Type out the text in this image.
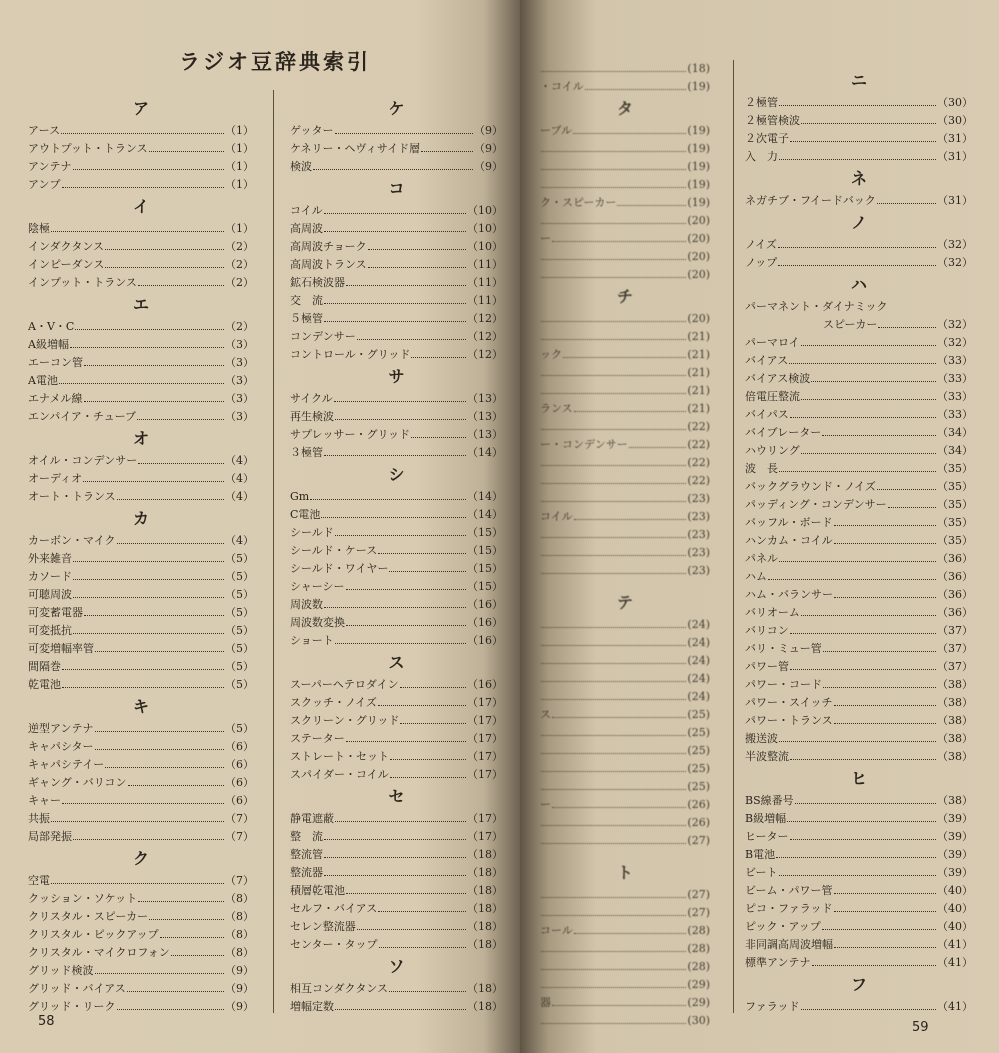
ラジオ豆辞典索引
ア
アース	（1）
アウトプット・トランス	（1）
アンテナ	（1）
アンプ	（1）
イ
陰極	（1）
インダクタンス	（2）
インピーダンス	（2）
インプット・トランス	（2）
エ
A・V・C	（2）
A級増幅	（3）
エーコン管	（3）
A電池	（3）
エナメル線	（3）
エンパイア・チューブ	（3）
オ
オイル・コンデンサー	（4）
オーディオ	（4）
オート・トランス	（4）
カ
カーボン・マイク	（4）
外来雑音	（5）
カソード	（5）
可聴周波	（5）
可変蓄電器	（5）
可変抵抗	（5）
可変増幅率管	（5）
間隔巻	（5）
乾電池	（5）
キ
逆型アンテナ	（5）
キャパシター	（6）
キャパシテイー	（6）
ギャング・バリコン	（6）
キャー	（6）
共振	（7）
局部発振	（7）
ク
空電	（7）
クッション・ソケット	（8）
クリスタル・スピーカー	（8）
クリスタル・ピックアップ	（8）
クリスタル・マイクロフォン	（8）
グリッド検波	（9）
グリッド・バイアス	（9）
グリッド・リーク	（9）
ケ
ゲッター	（9）
ケネリー・ヘヴィサイド層	（9）
検波	（9）
コ
コイル	（10）
高周波	（10）
高周波チョーク	（10）
高周波トランス	（11）
鉱石検波器	（11）
交　流	（11）
５極管	（12）
コンデンサー	（12）
コントロール・グリッド	（12）
サ
サイクル	（13）
再生検波	（13）
サプレッサー・グリッド	（13）
３極管	（14）
シ
Gm	（14）
C電池	（14）
シールド	（15）
シールド・ケース	（15）
シールド・ワイヤー	（15）
シャーシー	（15）
周波数	（16）
周波数変換	（16）
ショート	（16）
ス
スーパーヘテロダイン	（16）
スクッチ・ノイズ	（17）
スクリーン・グリッド	（17）
ステーター	（17）
ストレート・セット	（17）
スパイダー・コイル	（17）
セ
静電遮蔽	（17）
整　流	（17）
整流管	（18）
整流器	（18）
積層乾電池	（18）
セルフ・バイアス	（18）
セレン整流器	（18）
センター・タップ	（18）
ソ
相互コンダクタンス	（18）
増幅定数	（18）
(18)
・コイル	(19)
タ
ーブル	(19)
(19)
(19)
(19)
ク・スピーカー	(19)
(20)
ー	(20)
(20)
(20)
チ
(20)
(21)
ック	(21)
(21)
(21)
ランス	(21)
(22)
ー・コンデンサー	(22)
(22)
(22)
(23)
コイル	(23)
(23)
(23)
(23)
テ
(24)
(24)
(24)
(24)
(24)
ス	(25)
(25)
(25)
(25)
(25)
ー	(26)
(26)
(27)
ト
(27)
(27)
コール	(28)
(28)
(28)
(29)
器	(29)
(30)
ニ
２極管	（30）
２極管検波	（30）
２次電子	（31）
入　力	（31）
ネ
ネガチブ・フイードバック	（31）
ノ
ノイズ	（32）
ノップ	（32）
ハ
パーマネント・ダイナミック
スピーカー	（32）
パーマロイ	（32）
バイアス	（33）
バイアス検波	（33）
倍電圧整流	（33）
バイパス	（33）
バイブレーター	（34）
ハウリング	（34）
波　長	（35）
バックグラウンド・ノイズ	（35）
パッディング・コンデンサー	（35）
バッフル・ボード	（35）
ハンカム・コイル	（35）
パネル	（36）
ハム	（36）
ハム・バランサー	（36）
バリオーム	（36）
バリコン	（37）
バリ・ミュー管	（37）
パワー管	（37）
パワー・コード	（38）
パワー・スイッチ	（38）
パワー・トランス	（38）
搬送波	（38）
半波整流	（38）
ヒ
BS線番号	（38）
B級増幅	（39）
ヒーター	（39）
B電池	（39）
ビート	（39）
ビーム・パワー管	（40）
ピコ・ファラッド	（40）
ピック・アップ	（40）
非同調高周波増幅	（41）
標準アンテナ	（41）
フ
ファラッド	（41）
58	59
